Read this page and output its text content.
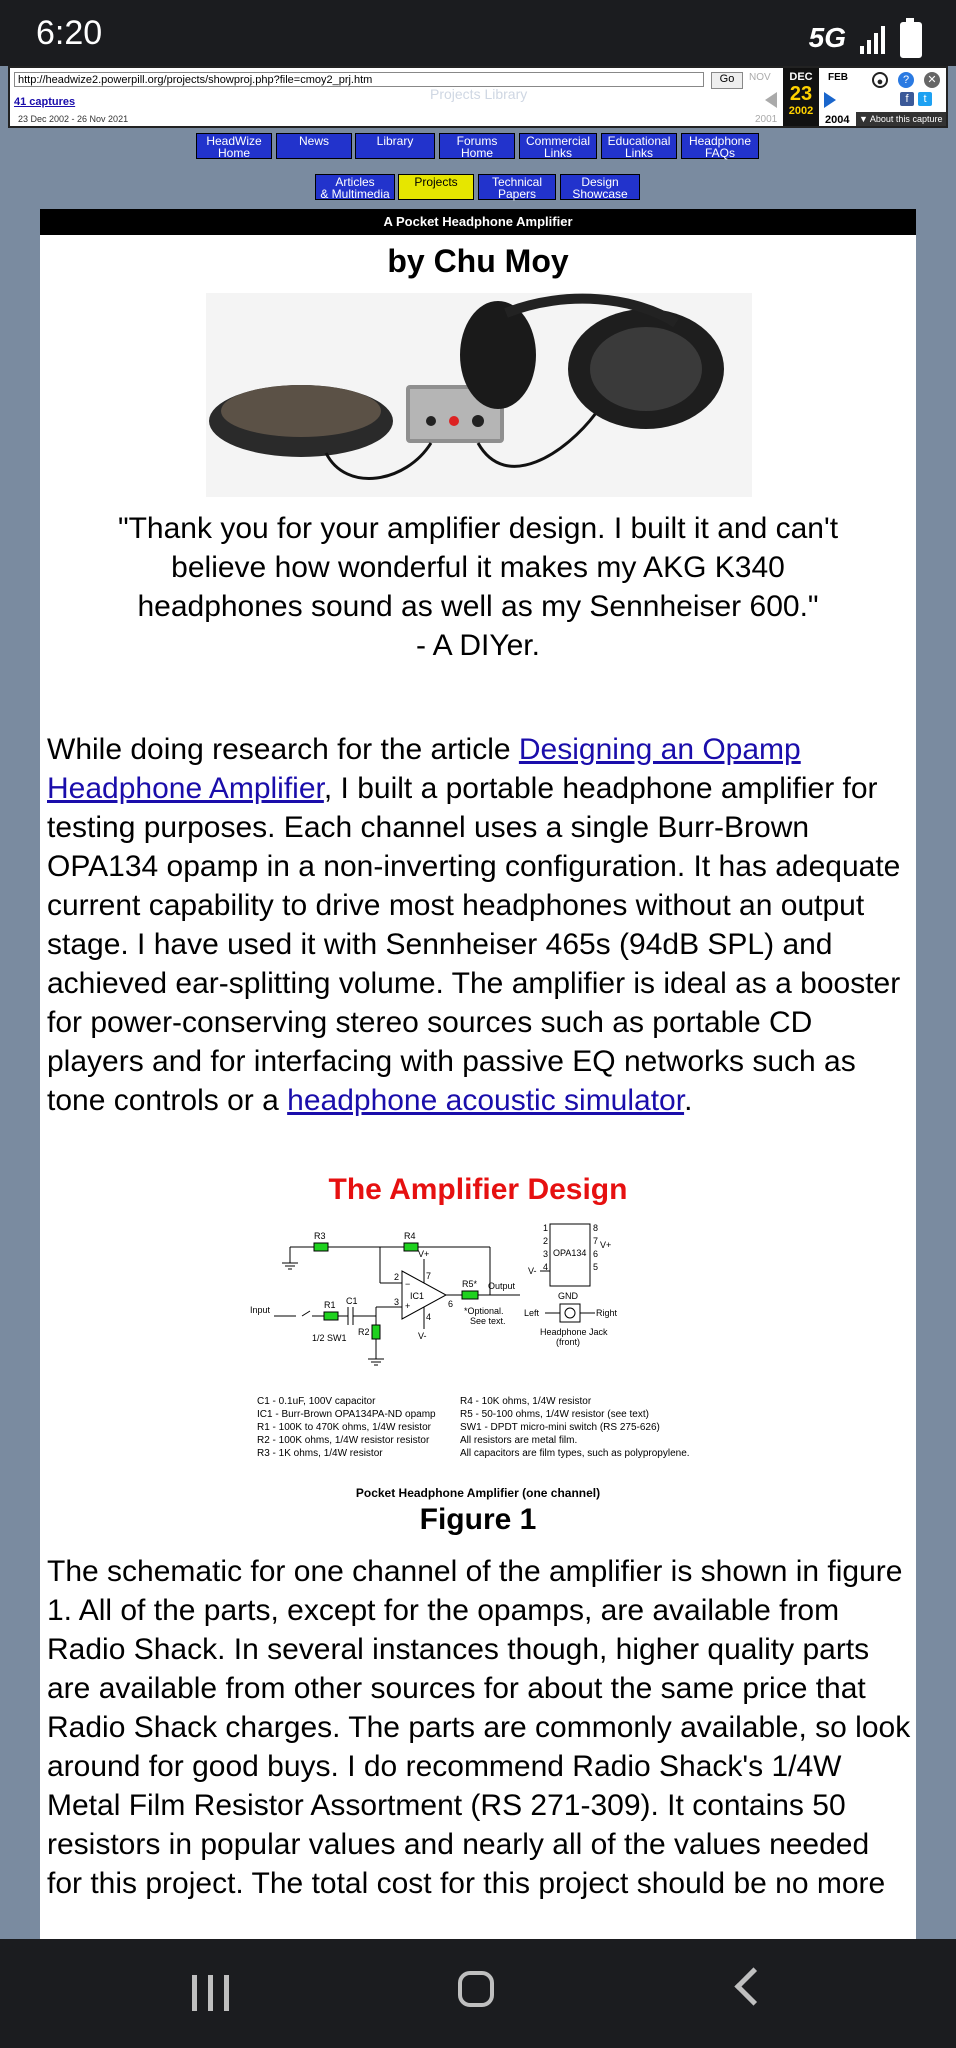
6:20	5G
http://headwize2.powerpill.org/projects/showproj.php?file=cmoy2_prj.htm	Go
41 captures
23 Dec 2002 - 26 Nov 2021
Projects Library
NOV	DEC
23
2002
FEB
2001	2004	▼ About this capture
●	?	✕
f	t
HeadWize
Home
News	Library	Forums
Home
Commercial
Links
Educational
Links
Headphone
FAQs
Articles
& Multimedia
Projects	Technical
Papers
Design
Showcase
A Pocket Headphone Amplifier
by Chu Moy
"Thank you for your amplifier design. I built it and can't
believe how wonderful it makes my AKG K340
headphones sound as well as my Sennheiser 600."
- A DIYer.
While doing research for the article Designing an Opamp Headphone Amplifier, I built a portable headphone amplifier for testing purposes. Each channel uses a single Burr-Brown OPA134 opamp in a non-inverting configuration. It has adequate current capability to drive most headphones without an output stage. I have used it with Sennheiser 465s (94dB SPL) and achieved ear-splitting volume. The amplifier is ideal as a booster for power-conserving stereo sources such as portable CD players and for interfacing with passive EQ networks such as tone controls or a headphone acoustic simulator.
The Amplifier Design
R3	R4
R1
R2
C1
R5*
IC1
V+
V-
Input
Output
1/2 SW1
*Optional.
See text.
2
3
4
6
7
−
+
OPA134
1
2
3
4
8
7
6
5
V+
V-
GND
Left	Right
Headphone Jack
(front)
C1 - 0.1uF, 100V capacitor
IC1 - Burr-Brown OPA134PA-ND opamp
R1 - 100K to 470K ohms, 1/4W resistor
R2 - 100K ohms, 1/4W resistor resistor
R3 - 1K ohms, 1/4W resistor
R4 - 10K ohms, 1/4W resistor
R5 - 50-100 ohms, 1/4W resistor (see text)
SW1 - DPDT micro-mini switch (RS 275-626)
All resistors are metal film.
All capacitors are film types, such as polypropylene.
Pocket Headphone Amplifier (one channel)
Figure 1
The schematic for one channel of the amplifier is shown in figure 1. All of the parts, except for the opamps, are available from Radio Shack. In several instances though, higher quality parts are available from other sources for about the same price that Radio Shack charges. The parts are commonly available, so look around for good buys. I do recommend Radio Shack's 1/4W Metal Film Resistor Assortment (RS 271-309). It contains 50 resistors in popular values and nearly all of the values needed for this project. The total cost for this project should be no more
